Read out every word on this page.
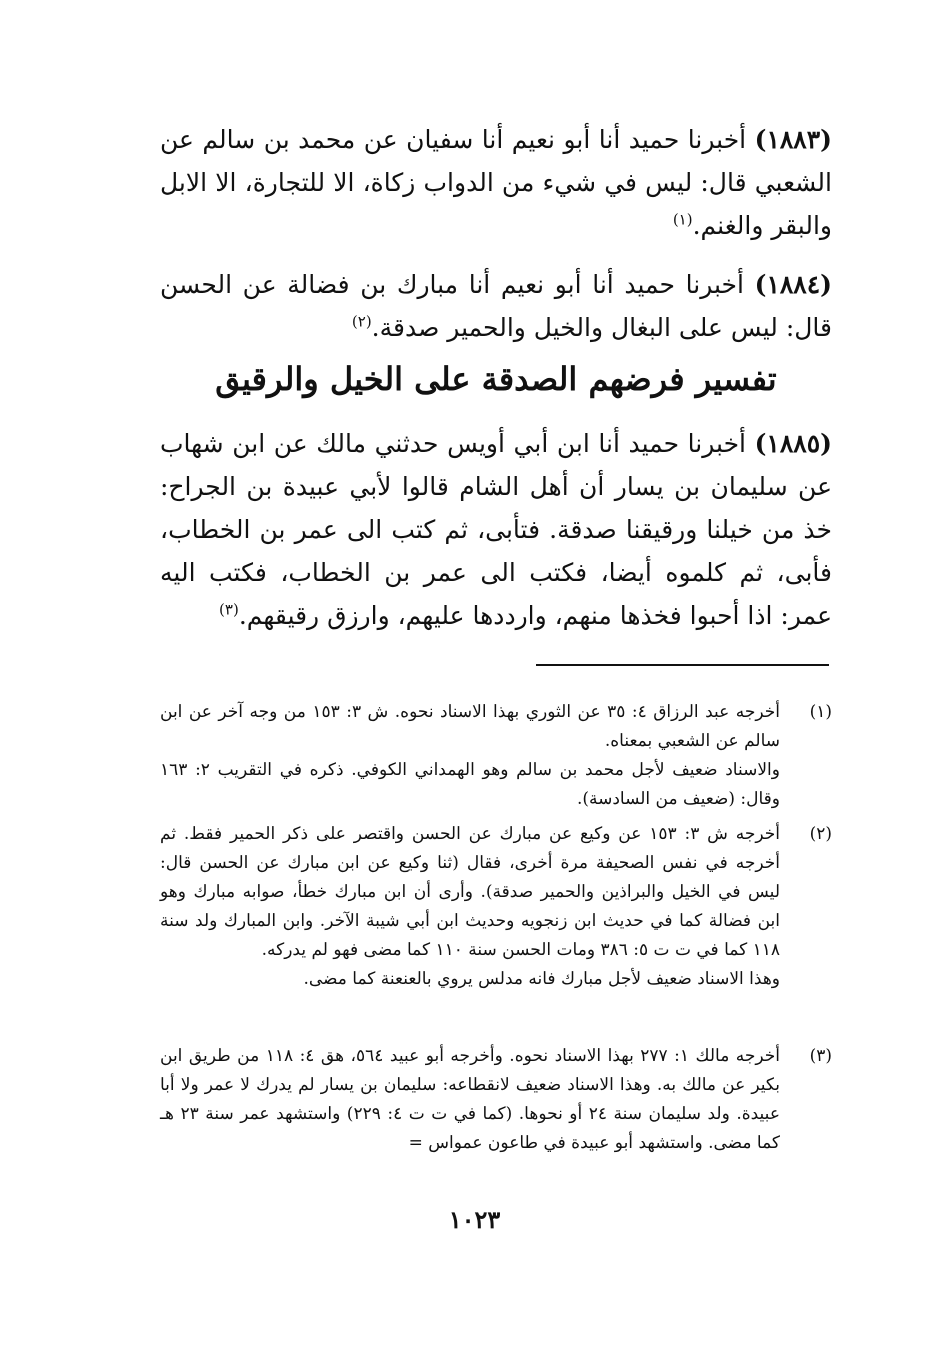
(١٨٨٣) أخبرنا حميد أنا أبو نعيم أنا سفيان عن محمد بن سالم عن الشعبي قال: ليس في شيء من الدواب زكاة، الا للتجارة، الا الابل والبقر والغنم.$^{(١)}$
(١٨٨٤) أخبرنا حميد أنا أبو نعيم أنا مبارك بن فضالة عن الحسن قال: ليس على البغال والخيل والحمير صدقة.$^{(٢)}$
تفسير فرضهم الصدقة على الخيل والرقيق
(١٨٨٥) أخبرنا حميد أنا ابن أبي أويس حدثني مالك عن ابن شهاب عن سليمان بن يسار أن أهل الشام قالوا لأبي عبيدة بن الجراح: خذ من خيلنا ورقيقنا صدقة. فتأبى، ثم كتب الى عمر بن الخطاب، فأبى، ثم كلموه أيضا، فكتب الى عمر بن الخطاب، فكتب اليه عمر: اذا أحبوا فخذها منهم، وارددها عليهم، وارزق رقيقهم.$^{(٣)}$
(١)

أخرجه عبد الرزاق ٤: ٣٥ عن الثوري بهذا الاسناد نحوه. ش ٣: ١٥٣ من وجه آخر عن ابن سالم عن الشعبي بمعناه.

والاسناد ضعيف لأجل محمد بن سالم وهو الهمداني الكوفي. ذكره في التقريب ٢: ١٦٣ وقال: (ضعيف من السادسة).

(٢)

أخرجه ش ٣: ١٥٣ عن وكيع عن مبارك عن الحسن واقتصر على ذكر الحمير فقط. ثم أخرجه في نفس الصحيفة مرة أخرى، فقال (ثنا وكيع عن ابن مبارك عن الحسن قال: ليس في الخيل والبراذين والحمير صدقة). وأرى أن ابن مبارك خطأ، صوابه مبارك وهو ابن فضالة كما في حديث ابن زنجويه وحديث ابن أبي شيبة الآخر. وابن المبارك ولد سنة ١١٨ كما في ت ت ٥: ٣٨٦ ومات الحسن سنة ١١٠ كما مضى فهو لم يدركه.

وهذا الاسناد ضعيف لأجل مبارك فانه مدلس يروي بالعنعنة كما مضى.

(٣)

أخرجه مالك ١: ٢٧٧ بهذا الاسناد نحوه. وأخرجه أبو عبيد ٥٦٤، هق ٤: ١١٨ من طريق ابن بكير عن مالك به. وهذا الاسناد ضعيف لانقطاعه: سليمان بن يسار لم يدرك لا عمر ولا أبا عبيدة. ولد سليمان سنة ٢٤ أو نحوها. (كما في ت ت ٤: ٢٢٩) واستشهد عمر سنة ٢٣ هـ كما مضى. واستشهد أبو عبيدة في طاعون عمواس =

١٠٢٣
